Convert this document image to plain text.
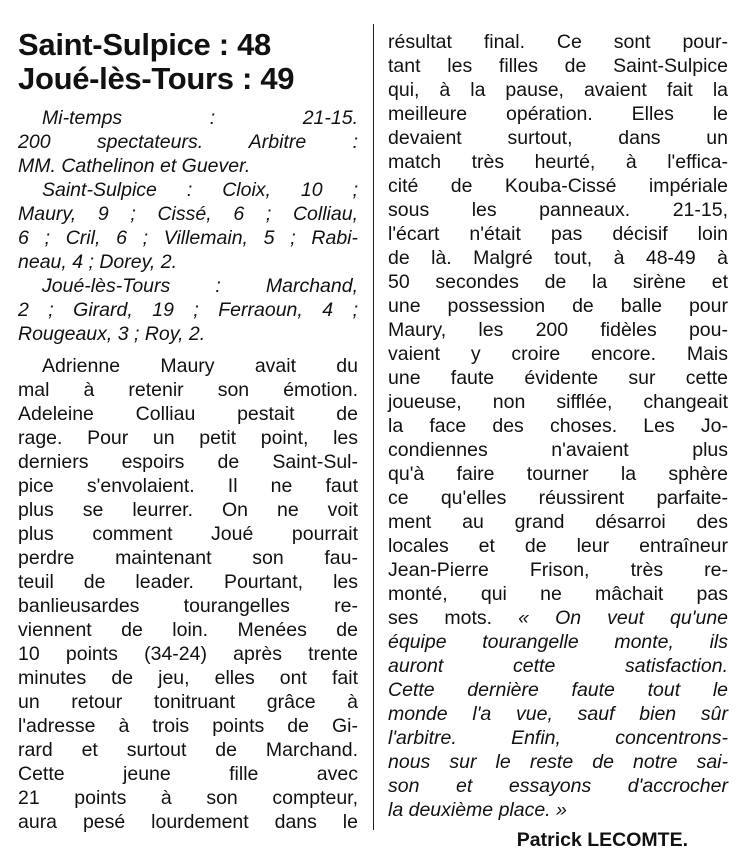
Saint-Sulpice : 48
Joué-lès-Tours : 49
Mi-temps : 21-15.
200 spectateurs. Arbitre :
MM. Cathelinon et Guever.
Saint-Sulpice : Cloix, 10 ;
Maury, 9 ; Cissé, 6 ; Colliau,
6 ; Cril, 6 ; Villemain, 5 ; Rabi-
neau, 4 ; Dorey, 2.
Joué-lès-Tours : Marchand,
2 ; Girard, 19 ; Ferraoun, 4 ;
Rougeaux, 3 ; Roy, 2.
Adrienne Maury avait du
mal à retenir son émotion.
Adeleine Colliau pestait de
rage. Pour un petit point, les
derniers espoirs de Saint-Sul-
pice s'envolaient. Il ne faut
plus se leurrer. On ne voit
plus comment Joué pourrait
perdre maintenant son fau-
teuil de leader. Pourtant, les
banlieusardes tourangelles re-
viennent de loin. Menées de
10 points (34-24) après trente
minutes de jeu, elles ont fait
un retour tonitruant grâce à
l'adresse à trois points de Gi-
rard et surtout de Marchand.
Cette jeune fille avec
21 points à son compteur,
aura pesé lourdement dans le
résultat final. Ce sont pour-
tant les filles de Saint-Sulpice
qui, à la pause, avaient fait la
meilleure opération. Elles le
devaient surtout, dans un
match très heurté, à l'effica-
cité de Kouba-Cissé impériale
sous les panneaux. 21-15,
l'écart n'était pas décisif loin
de là. Malgré tout, à 48-49 à
50 secondes de la sirène et
une possession de balle pour
Maury, les 200 fidèles pou-
vaient y croire encore. Mais
une faute évidente sur cette
joueuse, non sifflée, changeait
la face des choses. Les Jo-
condiennes n'avaient plus
qu'à faire tourner la sphère
ce qu'elles réussirent parfaite-
ment au grand désarroi des
locales et de leur entraîneur
Jean-Pierre Frison, très re-
monté, qui ne mâchait pas
ses mots. « On veut qu'une
équipe tourangelle monte, ils
auront cette satisfaction.
Cette dernière faute tout le
monde l'a vue, sauf bien sûr
l'arbitre. Enfin, concentrons-
nous sur le reste de notre sai-
son et essayons d'accrocher
la deuxième place. »
Patrick LECOMTE.
